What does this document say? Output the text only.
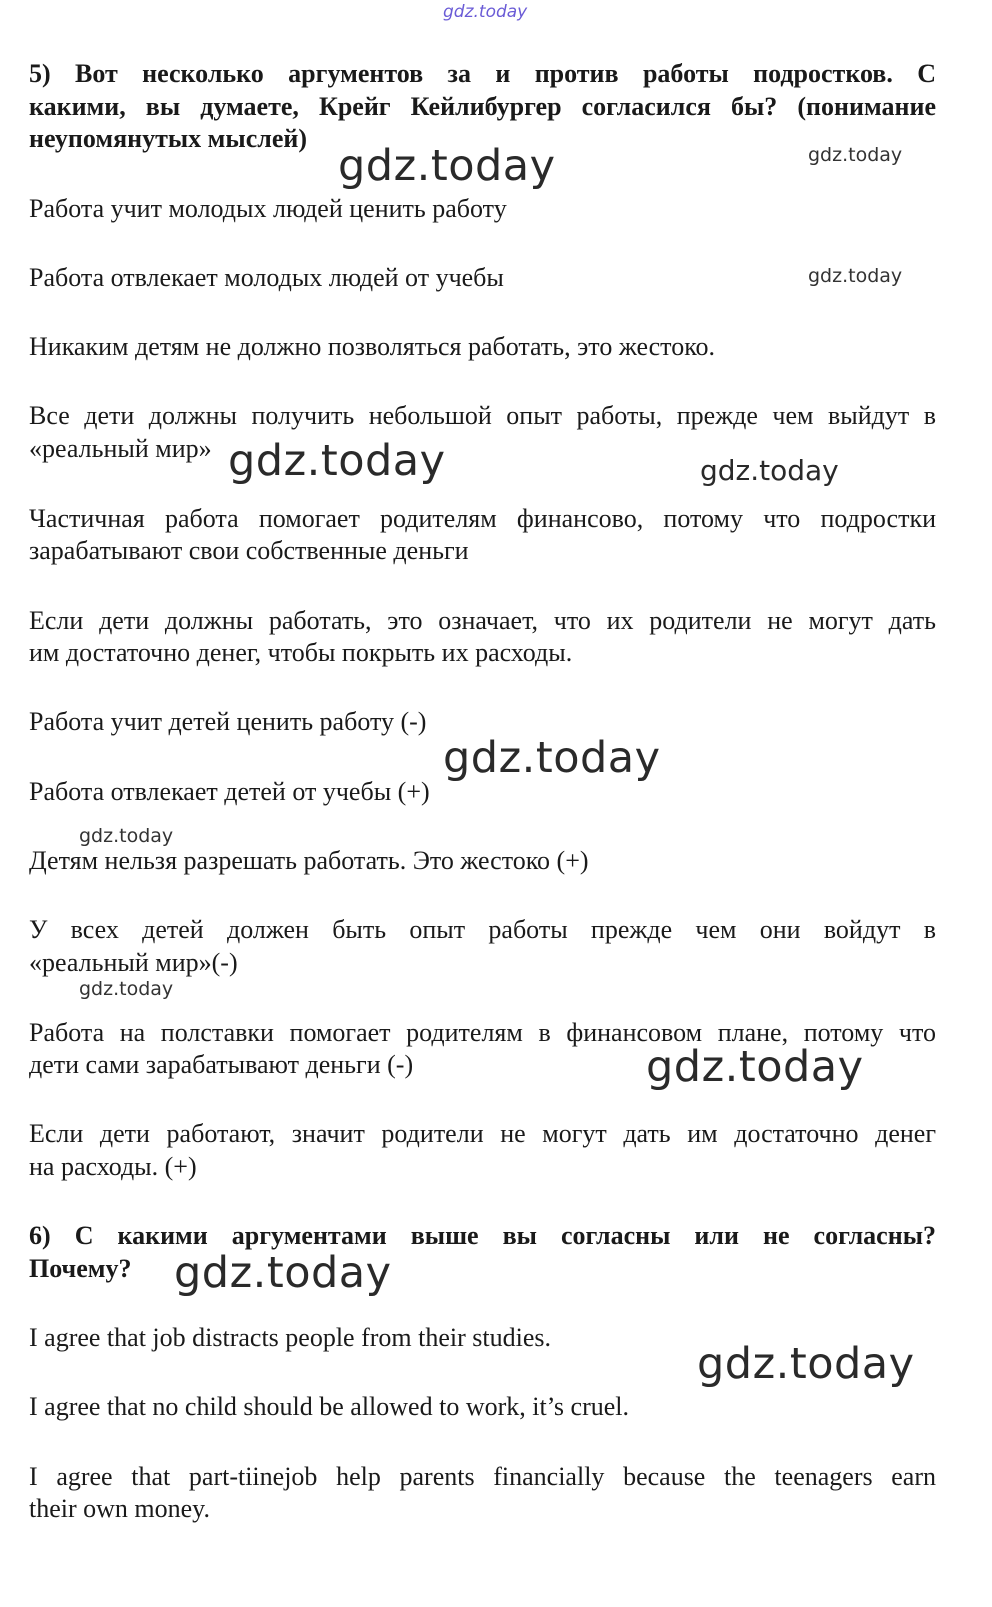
gdz.today
5) Вот несколько аргументов за и против работы подростков. С
какими, вы думаете, Крейг Кейлибургер согласился бы? (понимание
неупомянутых мыслей)
Работа учит молодых людей ценить работу
Работа отвлекает молодых людей от учебы
Никаким детям не должно позволяться работать, это жестоко.
Все дети должны получить небольшой опыт работы, прежде чем выйдут в
«реальный мир»
Частичная работа помогает родителям финансово, потому что подростки
зарабатывают свои собственные деньги
Если дети должны работать, это означает, что их родители не могут дать
им достаточно денег, чтобы покрыть их расходы.
Работа учит детей ценить работу (-)
Работа отвлекает детей от учебы (+)
Детям нельзя разрешать работать. Это жестоко (+)
У всех детей должен быть опыт работы прежде чем они войдут в
«реальный мир»(-)
Работа на полставки помогает родителям в финансовом плане, потому что
дети сами зарабатывают деньги (-)
Если дети работают, значит родители не могут дать им достаточно денег
на расходы. (+)
6) С какими аргументами выше вы согласны или не согласны?
Почему?
I agree that job distracts people from their studies.
I agree that no child should be allowed to work, it’s cruel.
I agree that part-tiinejob help parents financially because the teenagers earn
their own money.
gdz.today	gdz.today
gdz.today
gdz.today	gdz.today
gdz.today
gdz.today
gdz.today
gdz.today
gdz.today
gdz.today
